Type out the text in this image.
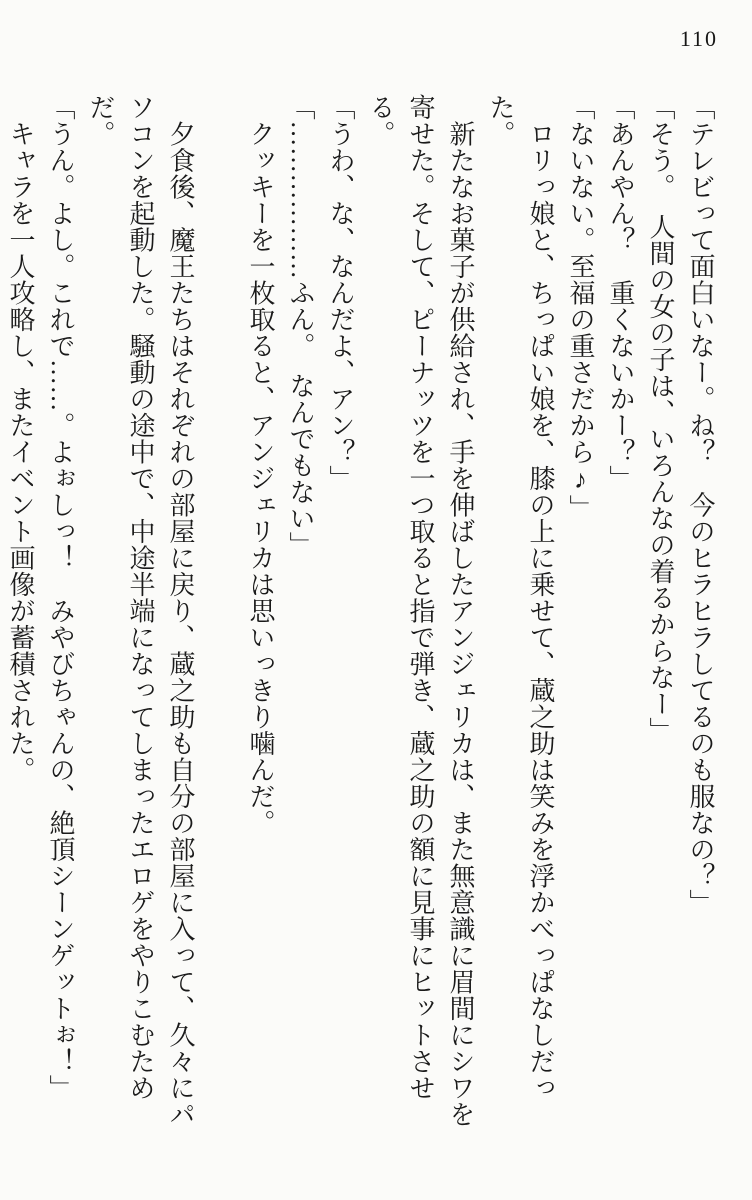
110

「テレビって面白いなー。ね？　今のヒラヒラしてるのも服なの？」

「そう。　人間の女の子は、いろんなの着るからなー」

「あんやん？　重くないかー？」

「ないない。至福の重さだから♪」

　ロリっ娘と、ちっぱい娘を、膝の上に乗せて、蔵之助は笑みを浮かべっぱなしだった。

　新たなお菓子が供給され、手を伸ばしたアンジェリカは、また無意識に眉間にシワを寄せた。そして、ピーナッツを一つ取ると指で弾き、蔵之助の額に見事にヒットさせる。

「うわ、な、なんだよ、アン？」

「………………ふん。　なんでもない」

　クッキーを一枚取ると、アンジェリカは思いっきり噛んだ。

　夕食後、魔王たちはそれぞれの部屋に戻り、蔵之助も自分の部屋に入って、久々にパソコンを起動した。騒動の途中で、中途半端になってしまったエロゲをやりこむためだ。

「うん。よし。これで……。よぉしっ！　みやびちゃんの、絶頂シーンゲットぉ！」

　キャラを一人攻略し、またイベント画像が蓄積された。
